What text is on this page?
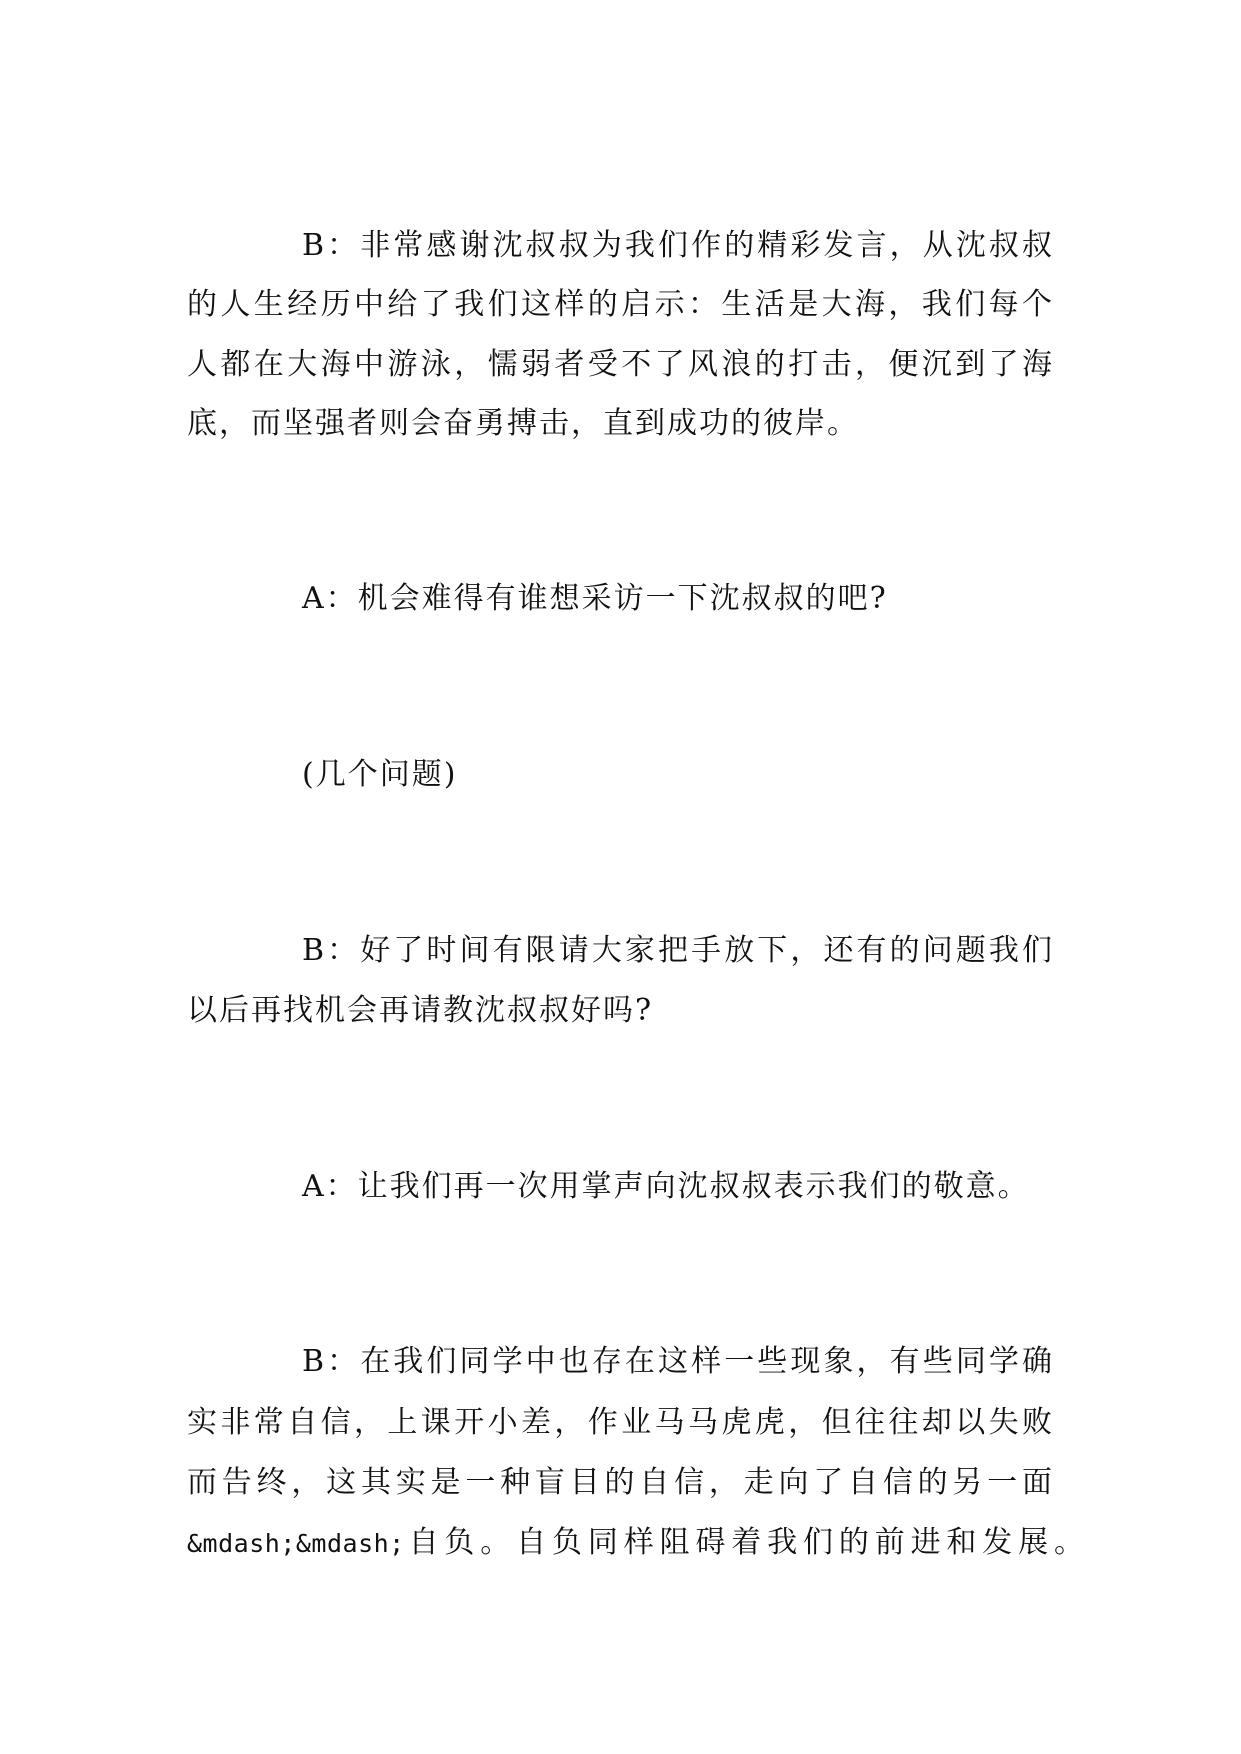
B：非常感谢沈叔叔为我们作的精彩发言，从沈叔叔
的人生经历中给了我们这样的启示：生活是大海，我们每个
人都在大海中游泳，懦弱者受不了风浪的打击，便沉到了海
底，而坚强者则会奋勇搏击，直到成功的彼岸。
A：机会难得有谁想采访一下沈叔叔的吧?
(几个问题)
B：好了时间有限请大家把手放下，还有的问题我们
以后再找机会再请教沈叔叔好吗?
A：让我们再一次用掌声向沈叔叔表示我们的敬意。
B：在我们同学中也存在这样一些现象，有些同学确
实非常自信，上课开小差，作业马马虎虎，但往往却以失败
而告终，这其实是一种盲目的自信，走向了自信的另一面
&mdash;&mdash;自负。自负同样阻碍着我们的前进和发展。
